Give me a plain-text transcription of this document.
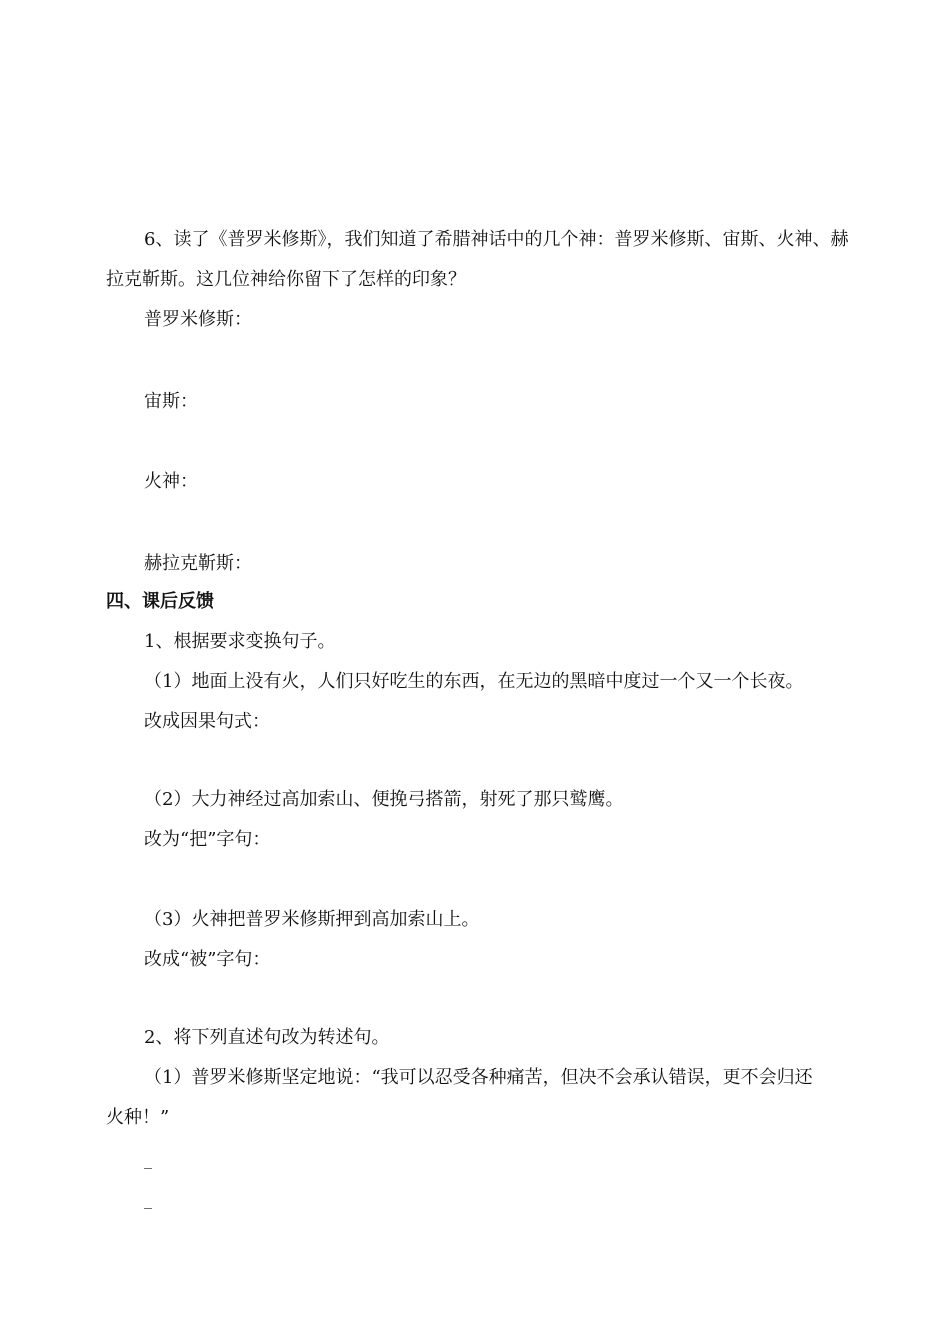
6、读了《普罗米修斯》，我们知道了希腊神话中的几个神：普罗米修斯、宙斯、火神、赫
拉克靳斯。这几位神给你留下了怎样的印象？
普罗米修斯：
宙斯：
火神：
赫拉克靳斯：
四、课后反馈
1、根据要求变换句子。
（1）地面上没有火，人们只好吃生的东西，在无边的黑暗中度过一个又一个长夜。
改成因果句式：
（2）大力神经过高加索山、便挽弓搭箭，射死了那只鹫鹰。
改为“把”字句：
（3）火神把普罗米修斯押到高加索山上。
改成“被”字句：
2、将下列直述句改为转述句。
（1）普罗米修斯坚定地说：“我可以忍受各种痛苦，但决不会承认错误，更不会归还
火种！”
_
_
